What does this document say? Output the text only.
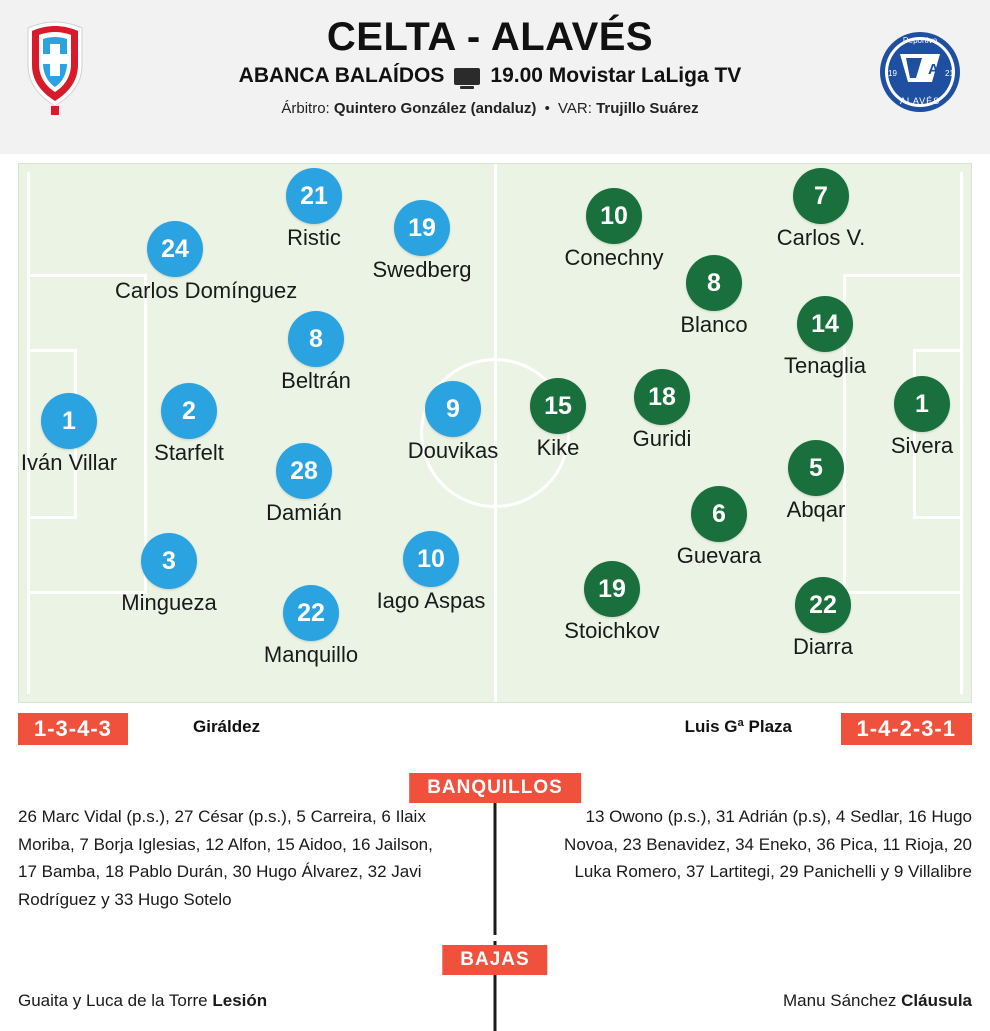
CELTA - ALAVÉS
ABANCA BALAÍDOS 19.00 Movistar LaLiga TV
Árbitro: Quintero González (andaluz) • VAR: Trujillo Suárez
A
19	21
ALAVÉS
Deportivo
1
Iván Villar
2
Starfelt
24
Carlos Domínguez
3
Mingueza
21
Ristic
8
Beltrán
28
Damián
22
Manquillo
19
Swedberg
9
Douvikas
10
Iago Aspas
1
Sivera
7
Carlos V.
14
Tenaglia
5
Abqar
22
Diarra
10
Conechny
8
Blanco
18
Guridi
6
Guevara
19
Stoichkov
15
Kike
1-3-4-3	Giráldez	Luis Gª Plaza	1-4-2-3-1
BANQUILLOS
26 Marc Vidal (p.s.), 27 César (p.s.), 5 Carreira, 6 Ilaix Moriba, 7 Borja Iglesias, 12 Alfon, 15 Aidoo, 16 Jailson, 17 Bamba, 18 Pablo Durán, 30 Hugo Álvarez, 32 Javi Rodríguez y 33 Hugo Sotelo
13 Owono (p.s.), 31 Adrián (p.s), 4 Sedlar, 16 Hugo Novoa, 23 Benavidez, 34 Eneko, 36 Pica, 11 Rioja, 20 Luka Romero, 37 Lartitegi, 29 Panichelli y 9 Villalibre
BAJAS
Guaita y Luca de la Torre Lesión	Manu Sánchez Cláusula
